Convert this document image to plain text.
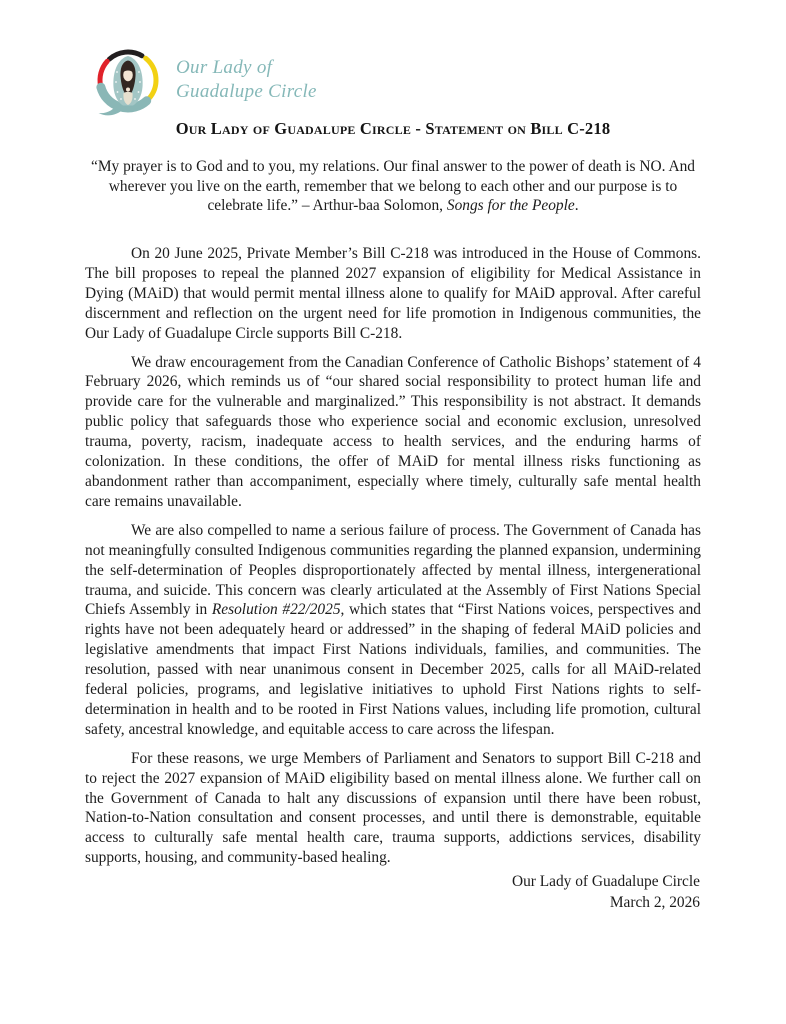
Our Lady of
Guadalupe Circle
Our Lady of Guadalupe Circle - Statement on Bill C-218
“My prayer is to God and to you, my relations. Our final answer to the power of death is NO. And wherever you live on the earth, remember that we belong to each other and our purpose is to celebrate life.” – Arthur-baa Solomon, Songs for the People.

On 20 June 2025, Private Member’s Bill C-218 was introduced in the House of Commons. The bill proposes to repeal the planned 2027 expansion of eligibility for Medical Assistance in Dying (MAiD) that would permit mental illness alone to qualify for MAiD approval. After careful discernment and reflection on the urgent need for life promotion in Indigenous communities, the Our Lady of Guadalupe Circle supports Bill C-218.

We draw encouragement from the Canadian Conference of Catholic Bishops’ statement of 4 February 2026, which reminds us of “our shared social responsibility to protect human life and provide care for the vulnerable and marginalized.” This responsibility is not abstract. It demands public policy that safeguards those who experience social and economic exclusion, unresolved trauma, poverty, racism, inadequate access to health services, and the enduring harms of colonization. In these conditions, the offer of MAiD for mental illness risks functioning as abandonment rather than accompaniment, especially where timely, culturally safe mental health care remains unavailable.

We are also compelled to name a serious failure of process. The Government of Canada has not meaningfully consulted Indigenous communities regarding the planned expansion, undermining the self-determination of Peoples disproportionately affected by mental illness, intergenerational trauma, and suicide. This concern was clearly articulated at the Assembly of First Nations Special Chiefs Assembly in Resolution #22/2025, which states that “First Nations voices, perspectives and rights have not been adequately heard or addressed” in the shaping of federal MAiD policies and legislative amendments that impact First Nations individuals, families, and communities. The resolution, passed with near unanimous consent in December 2025, calls for all MAiD-related federal policies, programs, and legislative initiatives to uphold First Nations rights to self-determination in health and to be rooted in First Nations values, including life promotion, cultural safety, ancestral knowledge, and equitable access to care across the lifespan.

For these reasons, we urge Members of Parliament and Senators to support Bill C-218 and to reject the 2027 expansion of MAiD eligibility based on mental illness alone. We further call on the Government of Canada to halt any discussions of expansion until there have been robust, Nation-to-Nation consultation and consent processes, and until there is demonstrable, equitable access to culturally safe mental health care, trauma supports, addictions services, disability supports, housing, and community-based healing.

Our Lady of Guadalupe Circle
March 2, 2026
